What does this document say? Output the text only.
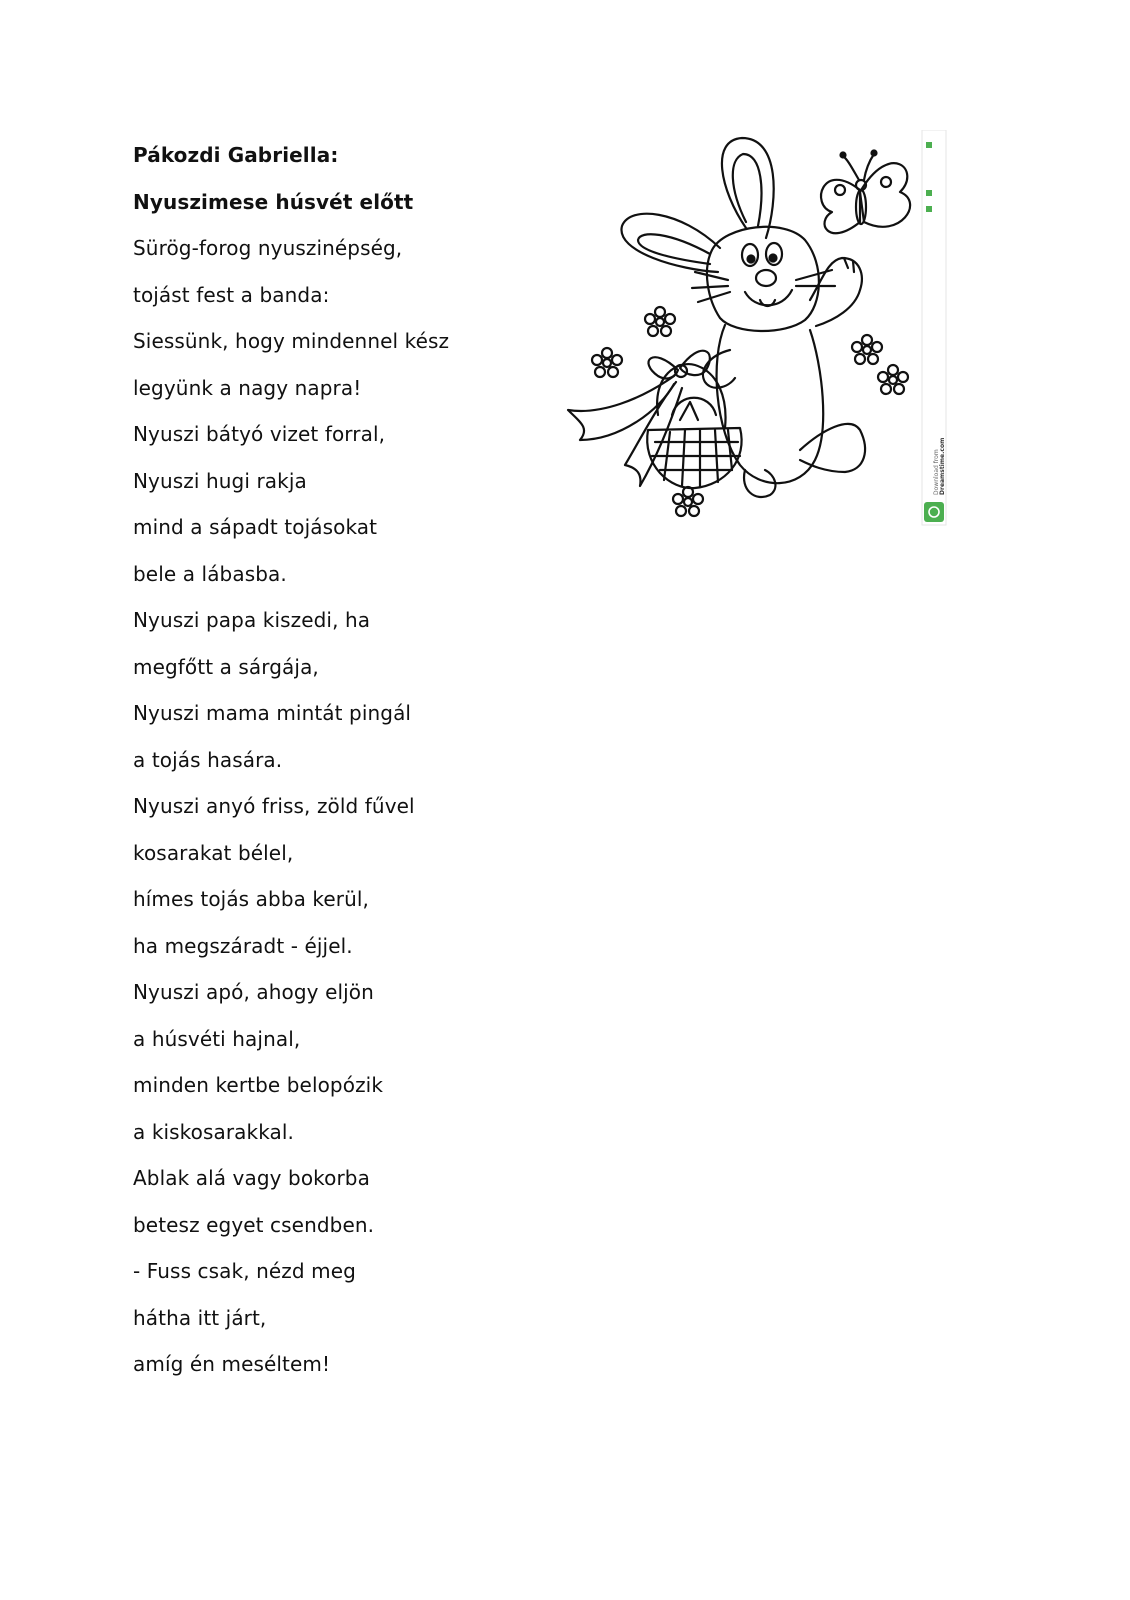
Pákozdi Gabriella:
Nyuszimese húsvét előtt
Sürög-forog nyuszinépség,
tojást fest a banda:
Siessünk, hogy mindennel kész
legyünk a nagy napra!
Nyuszi bátyó vizet forral,
Nyuszi hugi rakja
mind a sápadt tojásokat
bele a lábasba.
Nyuszi papa kiszedi, ha
megfőtt a sárgája,
Nyuszi mama mintát pingál
a tojás hasára.
Nyuszi anyó friss, zöld fűvel
kosarakat bélel,
hímes tojás abba kerül,
ha megszáradt - éjjel.
Nyuszi apó, ahogy eljön
a húsvéti hajnal,
minden kertbe belopózik
a kiskosarakkal.
Ablak alá vagy bokorba
betesz egyet csendben.
- Fuss csak, nézd meg
hátha itt járt,
amíg én meséltem!
Download from Dreamstime.com
